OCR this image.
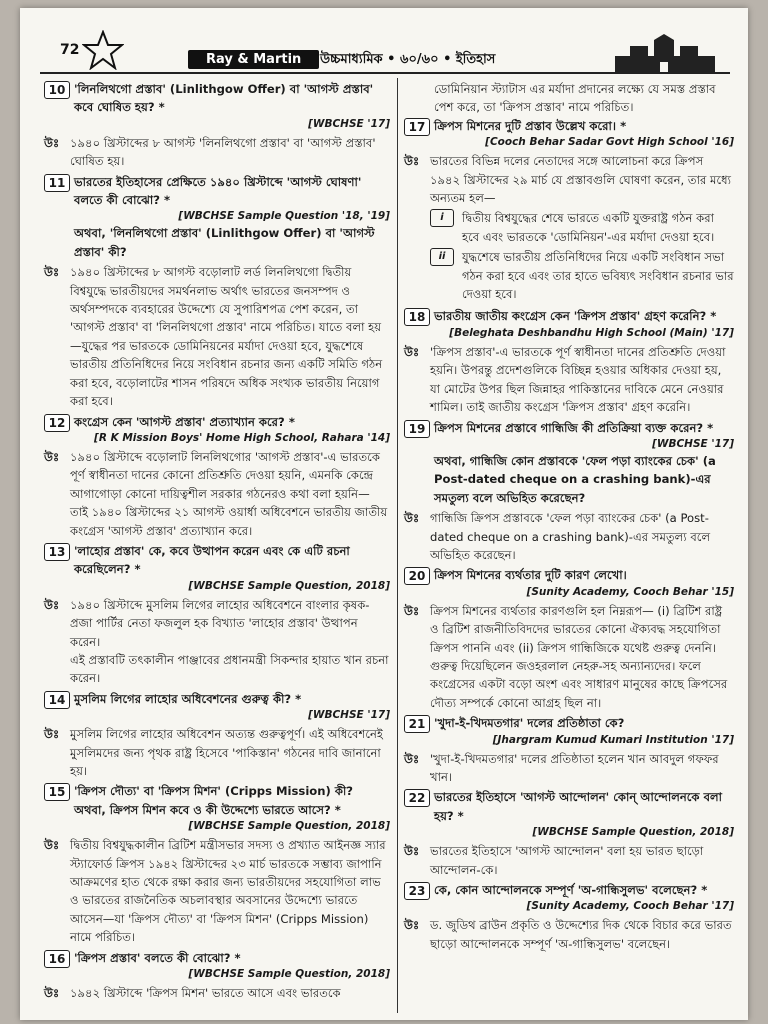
72
Ray & Martin	উচ্চমাধ্যমিক • ৬০/৬০ • ইতিহাস
10 'লিনলিথগো প্রস্তাব' (Linlithgow Offer) বা 'আগস্ট প্রস্তাব' কবে ঘোষিত হয়? *
[WBCHSE '17]
উঃ ১৯৪০ খ্রিস্টাব্দের ৮ আগস্ট 'লিনলিথগো প্রস্তাব' বা 'আগস্ট প্রস্তাব' ঘোষিত হয়।
11 ভারতের ইতিহাসের প্রেক্ষিতে ১৯৪০ খ্রিস্টাব্দে 'আগস্ট ঘোষণা' বলতে কী বোঝো? *
[WBCHSE Sample Question '18, '19]
অথবা, 'লিনলিথগো প্রস্তাব' (Linlithgow Offer) বা 'আগস্ট প্রস্তাব' কী?
উঃ ১৯৪০ খ্রিস্টাব্দের ৮ আগস্ট বড়োলাট লর্ড লিনলিথগো দ্বিতীয় বিশ্বযুদ্ধে ভারতীয়দের সমর্থনলাভ অর্থাৎ ভারতের জনসম্পদ ও অর্থসম্পদকে ব্যবহারের উদ্দেশ্যে যে সুপারিশপত্র পেশ করেন, তা 'আগস্ট প্রস্তাব' বা 'লিনলিথগো প্রস্তাব' নামে পরিচিত। যাতে বলা হয়—যুদ্ধের পর ভারতকে ডোমিনিয়নের মর্যাদা দেওয়া হবে, যুদ্ধশেষে ভারতীয় প্রতিনিধিদের নিয়ে সংবিধান রচনার জন্য একটি সমিতি গঠন করা হবে, বড়োলাটের শাসন পরিষদে অধিক সংখ্যক ভারতীয় নিয়োগ করা হবে।
12 কংগ্রেস কেন 'আগস্ট প্রস্তাব' প্রত্যাখ্যান করে? *
[R K Mission Boys' Home High School, Rahara '14]
উঃ ১৯৪০ খ্রিস্টাব্দে বড়োলাট লিনলিথগোর 'আগস্ট প্রস্তাব'-এ ভারতকে পূর্ণ স্বাধীনতা দানের কোনো প্রতিশ্রুতি দেওয়া হয়নি, এমনকি কেন্দ্রে আগাগোড়া কোনো দায়িত্বশীল সরকার গঠনেরও কথা বলা হয়নি— তাই ১৯৪০ খ্রিস্টাব্দের ২১ আগস্ট ওয়ার্ধা অধিবেশনে ভারতীয় জাতীয় কংগ্রেস 'আগস্ট প্রস্তাব' প্রত্যাখ্যান করে।
13 'লাহোর প্রস্তাব' কে, কবে উত্থাপন করেন এবং কে এটি রচনা করেছিলেন? *
[WBCHSE Sample Question, 2018]
উঃ ১৯৪০ খ্রিস্টাব্দে মুসলিম লিগের লাহোর অধিবেশনে বাংলার কৃষক-প্রজা পার্টির নেতা ফজলুল হক বিখ্যাত 'লাহোর প্রস্তাব' উত্থাপন করেন।
এই প্রস্তাবটি তৎকালীন পাঞ্জাবের প্রধানমন্ত্রী সিকন্দার হায়াত খান রচনা করেন।
14 মুসলিম লিগের লাহোর অধিবেশনের গুরুত্ব কী? *
[WBCHSE '17]
উঃ মুসলিম লিগের লাহোর অধিবেশন অত্যন্ত গুরুত্বপূর্ণ। এই অধিবেশনেই মুসলিমদের জন্য পৃথক রাষ্ট্র হিসেবে 'পাকিস্তান' গঠনের দাবি জানানো হয়।
15 'ক্রিপস দৌত্য' বা 'ক্রিপস মিশন' (Cripps Mission) কী?
অথবা, ক্রিপস মিশন কবে ও কী উদ্দেশ্যে ভারতে আসে? *
[WBCHSE Sample Question, 2018]
উঃ দ্বিতীয় বিশ্বযুদ্ধকালীন ব্রিটিশ মন্ত্রীসভার সদস্য ও প্রখ্যাত আইনজ্ঞ স্যার স্ট্যাফোর্ড ক্রিপস ১৯৪২ খ্রিস্টাব্দের ২৩ মার্চ ভারতকে সম্ভাব্য জাপানি আক্রমণের হাত থেকে রক্ষা করার জন্য ভারতীয়দের সহযোগিতা লাভ ও ভারতের রাজনৈতিক অচলাবস্থার অবসানের উদ্দেশ্যে ভারতে আসেন—যা 'ক্রিপস দৌত্য' বা 'ক্রিপস মিশন' (Cripps Mission) নামে পরিচিত।
16 'ক্রিপস প্রস্তাব' বলতে কী বোঝো? *
[WBCHSE Sample Question, 2018]
উঃ ১৯৪২ খ্রিস্টাব্দে 'ক্রিপস মিশন' ভারতে আসে এবং ভারতকে
ডোমিনিয়ান স্ট্যাটাস এর মর্যাদা প্রদানের লক্ষ্যে যে সমস্ত প্রস্তাব পেশ করে, তা 'ক্রিপস প্রস্তাব' নামে পরিচিত।
17 ক্রিপস মিশনের দুটি প্রস্তাব উল্লেখ করো। *
[Cooch Behar Sadar Govt High School '16]
উঃ ভারতের বিভিন্ন দলের নেতাদের সঙ্গে আলোচনা করে ক্রিপস ১৯৪২ খ্রিস্টাব্দের ২৯ মার্চ যে প্রস্তাবগুলি ঘোষণা করেন, তার মধ্যে অন্যতম হল—
i	দ্বিতীয় বিশ্বযুদ্ধের শেষে ভারতে একটি যুক্তরাষ্ট্র গঠন করা হবে এবং ভারতকে 'ডোমিনিয়ন'-এর মর্যাদা দেওয়া হবে।
ii	যুদ্ধশেষে ভারতীয় প্রতিনিধিদের নিয়ে একটি সংবিধান সভা গঠন করা হবে এবং তার হাতে ভবিষ্যৎ সংবিধান রচনার ভার দেওয়া হবে।
18 ভারতীয় জাতীয় কংগ্রেস কেন 'ক্রিপস প্রস্তাব' গ্রহণ করেনি? *
[Beleghata Deshbandhu High School (Main) '17]
উঃ 'ক্রিপস প্রস্তাব'-এ ভারতকে পূর্ণ স্বাধীনতা দানের প্রতিশ্রুতি দেওয়া হয়নি। উপরন্তু প্রদেশগুলিকে বিচ্ছিন্ন হওয়ার অধিকার দেওয়া হয়, যা মোটের উপর ছিল জিন্নাহর পাকিস্তানের দাবিকে মেনে নেওয়ার শামিল। তাই জাতীয় কংগ্রেস 'ক্রিপস প্রস্তাব' গ্রহণ করেনি।
19 ক্রিপস মিশনের প্রস্তাবে গান্ধিজি কী প্রতিক্রিয়া ব্যক্ত করেন? *
[WBCHSE '17]
অথবা, গান্ধিজি কোন প্রস্তাবকে 'ফেল পড়া ব্যাংকের চেক' (a Post-dated cheque on a crashing bank)-এর সমতুল্য বলে অভিহিত করেছেন?
উঃ গান্ধিজি ক্রিপস প্রস্তাবকে 'ফেল পড়া ব্যাংকের চেক' (a Post-dated cheque on a crashing bank)-এর সমতুল্য বলে অভিহিত করেছেন।
20 ক্রিপস মিশনের ব্যর্থতার দুটি কারণ লেখো।
[Sunity Academy, Cooch Behar '15]
উঃ ক্রিপস মিশনের ব্যর্থতার কারণগুলি হল নিম্নরূপ— (i) ব্রিটিশ রাষ্ট্র ও ব্রিটিশ রাজনীতিবিদদের ভারতের কোনো ঐক্যবদ্ধ সহযোগিতা ক্রিপস পাননি এবং (ii) ক্রিপস গান্ধিজিকে যথেষ্ট গুরুত্ব দেননি। গুরুত্ব দিয়েছিলেন জওহরলাল নেহরু-সহ অন্যান্যদের। ফলে কংগ্রেসের একটা বড়ো অংশ এবং সাধারণ মানুষের কাছে ক্রিপসের দৌত্য সম্পর্কে কোনো আগ্রহ ছিল না।
21 'খুদা-ই-খিদমতগার' দলের প্রতিষ্ঠাতা কে?
[Jhargram Kumud Kumari Institution '17]
উঃ 'খুদা-ই-খিদমতগার' দলের প্রতিষ্ঠাতা হলেন খান আবদুল গফফর খান।
22 ভারতের ইতিহাসে 'আগস্ট আন্দোলন' কোন্ আন্দোলনকে বলা হয়? *
[WBCHSE Sample Question, 2018]
উঃ ভারতের ইতিহাসে 'আগস্ট আন্দোলন' বলা হয় ভারত ছাড়ো আন্দোলন-কে।
23 কে, কোন আন্দোলনকে সম্পূর্ণ 'অ-গান্ধিসুলভ' বলেছেন? *
[Sunity Academy, Cooch Behar '17]
উঃ ড. জুডিথ ব্রাউন প্রকৃতি ও উদ্দেশ্যের দিক থেকে বিচার করে ভারত ছাড়ো আন্দোলনকে সম্পূর্ণ 'অ-গান্ধিসুলভ' বলেছেন।
